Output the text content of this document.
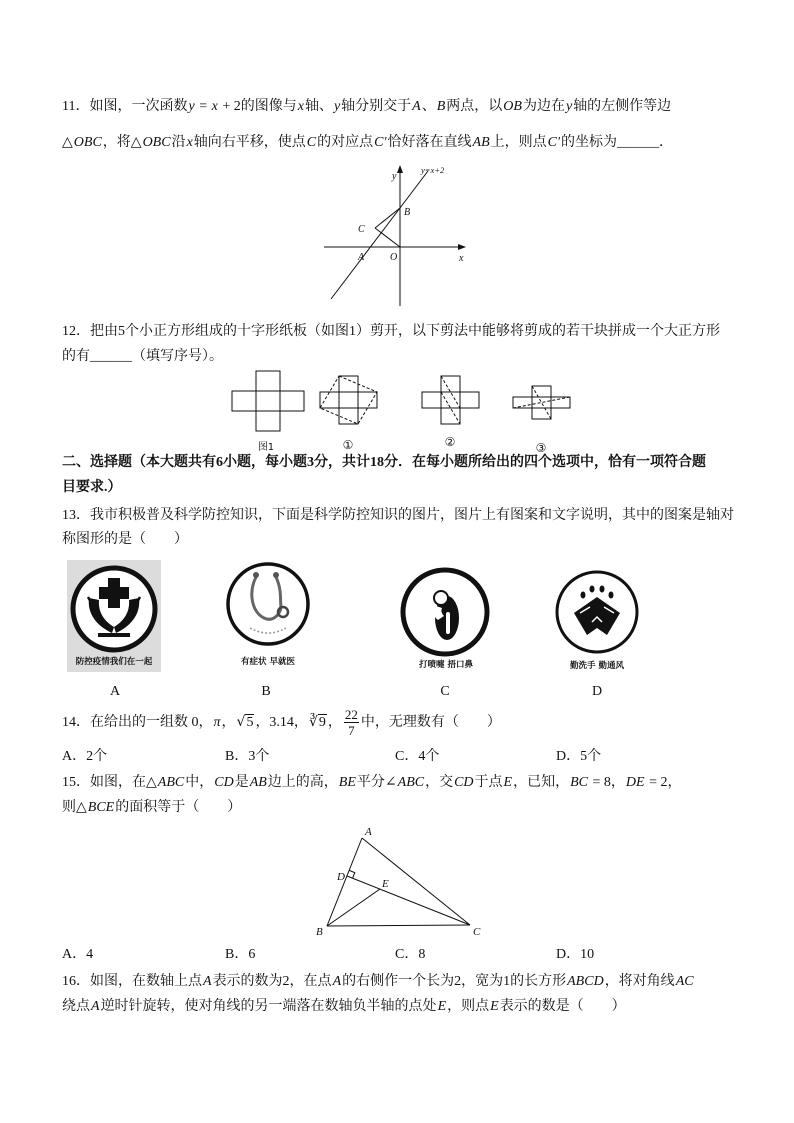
11．如图，一次函数y = x + 2的图像与x轴、y轴分别交于A、B两点，以OB为边在y轴的左侧作等边
△OBC，将△OBC沿x轴向右平移，使点C的对应点C′恰好落在直线AB上，则点C′的坐标为______．
y
y=x+2
B
C
A	O	x
12．把由5个小正方形组成的十字形纸板（如图1）剪开，以下剪法中能够将剪成的若干块拼成一个大正方形
的有______（填写序号）。
图1	①	②	③
二、选择题（本大题共有6小题，每小题3分，共计18分．在每小题所给出的四个选项中，恰有一项符合题
目要求.）
13．我市积极普及科学防控知识，下面是科学防控知识的图片，图片上有图案和文字说明，其中的图案是轴对
称图形的是（　　）
防控疫情我们在一起
A
有症状 早就医
B
打喷嚏 捂口鼻
C
勤洗手 勤通风
D
14．在给出的一组数 0，π，√5 ，3.14，∛9 ， $\frac{22}{7}$ 中，无理数有（　　）
A．2个	B．3个	C．4个	D．5个
15．如图，在△ABC中，CD是AB边上的高，BE平分∠ABC，交CD于点E，已知，BC = 8，DE = 2，
则△BCE的面积等于（　　）
A
D
E
B	C
A．4	B．6	C．8	D．10
16．如图，在数轴上点A表示的数为2，在点A的右侧作一个长为2，宽为1的长方形ABCD，将对角线AC
绕点A逆时针旋转，使对角线的另一端落在数轴负半轴的点处E，则点E表示的数是（　　）
